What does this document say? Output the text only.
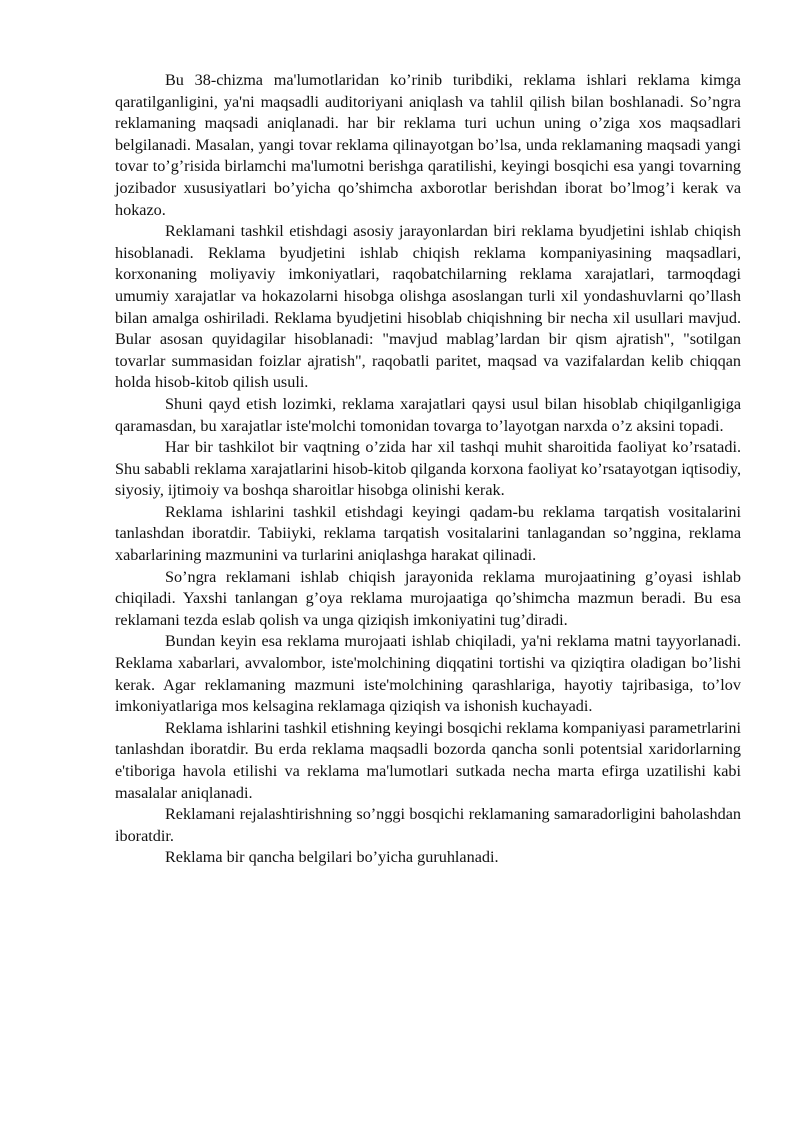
Bu 38-chizma ma'lumotlaridan ko’rinib turibdiki, reklama ishlari reklama kimga qaratilganligini, ya'ni maqsadli auditoriyani aniqlash va tahlil qilish bilan boshlanadi. So’ngra reklamaning maqsadi aniqlanadi. har bir reklama turi uchun uning o’ziga xos maqsadlari belgilanadi. Masalan, yangi tovar reklama qilinayotgan bo’lsa, unda reklamaning maqsadi yangi tovar to’g’risida birlamchi ma'lumotni berishga qaratilishi, keyingi bosqichi esa yangi tovarning jozibador xususiyatlari bo’yicha qo’shimcha axborotlar berishdan iborat bo’lmog’i kerak va hokazo.

Reklamani tashkil etishdagi asosiy jarayonlardan biri reklama byudjetini ishlab chiqish hisoblanadi. Reklama byudjetini ishlab chiqish reklama kompaniyasining maqsadlari, korxonaning moliyaviy imkoniyatlari, raqobatchilarning reklama xarajatlari, tarmoqdagi umumiy xarajatlar va hokazolarni hisobga olishga asoslangan turli xil yondashuvlarni qo’llash bilan amalga oshiriladi. Reklama byudjetini hisoblab chiqishning bir necha xil usullari mavjud. Bular asosan quyidagilar hisoblanadi: "mavjud mablag’lardan bir qism ajratish", "sotilgan tovarlar summasidan foizlar ajratish", raqobatli paritet, maqsad va vazifalardan kelib chiqqan holda hisob-kitob qilish usuli.

Shuni qayd etish lozimki, reklama xarajatlari qaysi usul bilan hisoblab chiqilganligiga qaramasdan, bu xarajatlar iste'molchi tomonidan tovarga to’layotgan narxda o’z aksini topadi.

Har bir tashkilot bir vaqtning o’zida har xil tashqi muhit sharoitida faoliyat ko’rsatadi. Shu sababli reklama xarajatlarini hisob-kitob qilganda korxona faoliyat ko’rsatayotgan iqtisodiy, siyosiy, ijtimoiy va boshqa sharoitlar hisobga olinishi kerak.

Reklama ishlarini tashkil etishdagi keyingi qadam-bu reklama tarqatish vositalarini tanlashdan iboratdir. Tabiiyki, reklama tarqatish vositalarini tanlagandan so’nggina, reklama xabarlarining mazmunini va turlarini aniqlashga harakat qilinadi.

So’ngra reklamani ishlab chiqish jarayonida reklama murojaatining g’oyasi ishlab chiqiladi. Yaxshi tanlangan g’oya reklama murojaatiga qo’shimcha mazmun beradi. Bu esa reklamani tezda eslab qolish va unga qiziqish imkoniyatini tug’diradi.

Bundan keyin esa reklama murojaati ishlab chiqiladi, ya'ni reklama matni tayyorlanadi. Reklama xabarlari, avvalombor, iste'molchining diqqatini tortishi va qiziqtira oladigan bo’lishi kerak. Agar reklamaning mazmuni iste'molchining qarashlariga, hayotiy tajribasiga, to’lov imkoniyatlariga mos kelsagina reklamaga qiziqish va ishonish kuchayadi.

Reklama ishlarini tashkil etishning keyingi bosqichi reklama kompaniyasi parametrlarini tanlashdan iboratdir. Bu erda reklama maqsadli bozorda qancha sonli potentsial xaridorlarning e'tiboriga havola etilishi va reklama ma'lumotlari sutkada necha marta efirga uzatilishi kabi masalalar aniqlanadi.

Reklamani rejalashtirishning so’nggi bosqichi reklamaning samaradorligini baholashdan iboratdir.

Reklama bir qancha belgilari bo’yicha guruhlanadi.
